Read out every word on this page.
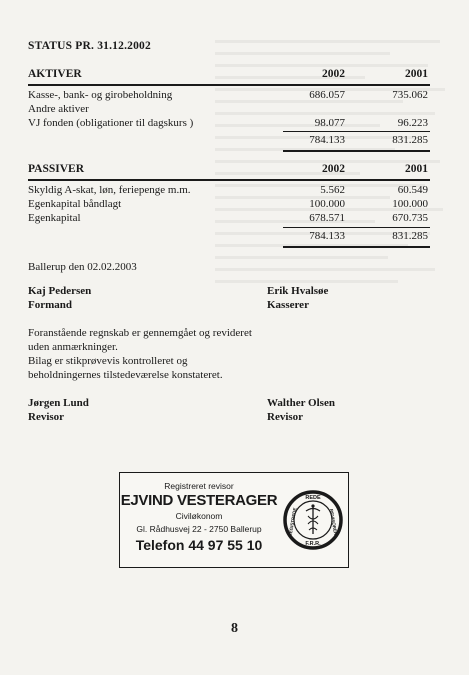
STATUS PR. 31.12.2002
AKTIVER	2002	2001
Kasse-, bank- og girobeholdning	686.057	735.062
Andre aktiver
VJ fonden (obligationer til dagskurs )	98.077	96.223
784.133	831.285
PASSIVER	2002	2001
Skyldig A-skat, løn, feriepenge m.m.	5.562	60.549
Egenkapital båndlagt	100.000	100.000
Egenkapital	678.571	670.735
784.133	831.285
Ballerup den 02.02.2003
Kaj Pedersen
Formand
Erik Hvalsøe
Kasserer
Foranstående regnskab er gennemgået og revideret
uden anmærkninger.
Bilag er stikprøvevis kontrolleret og
beholdningernes tilstedeværelse konstateret.
Jørgen Lund
Revisor
Walther Olsen
Revisor
Registreret revisor
EJVIND VESTERAGER
Civiløkonom
Gl. Rådhusvej 22 - 2750 Ballerup
Telefon 44 97 55 10
REDE
REGISTREDE	REVISORER
F.R.R.
8
